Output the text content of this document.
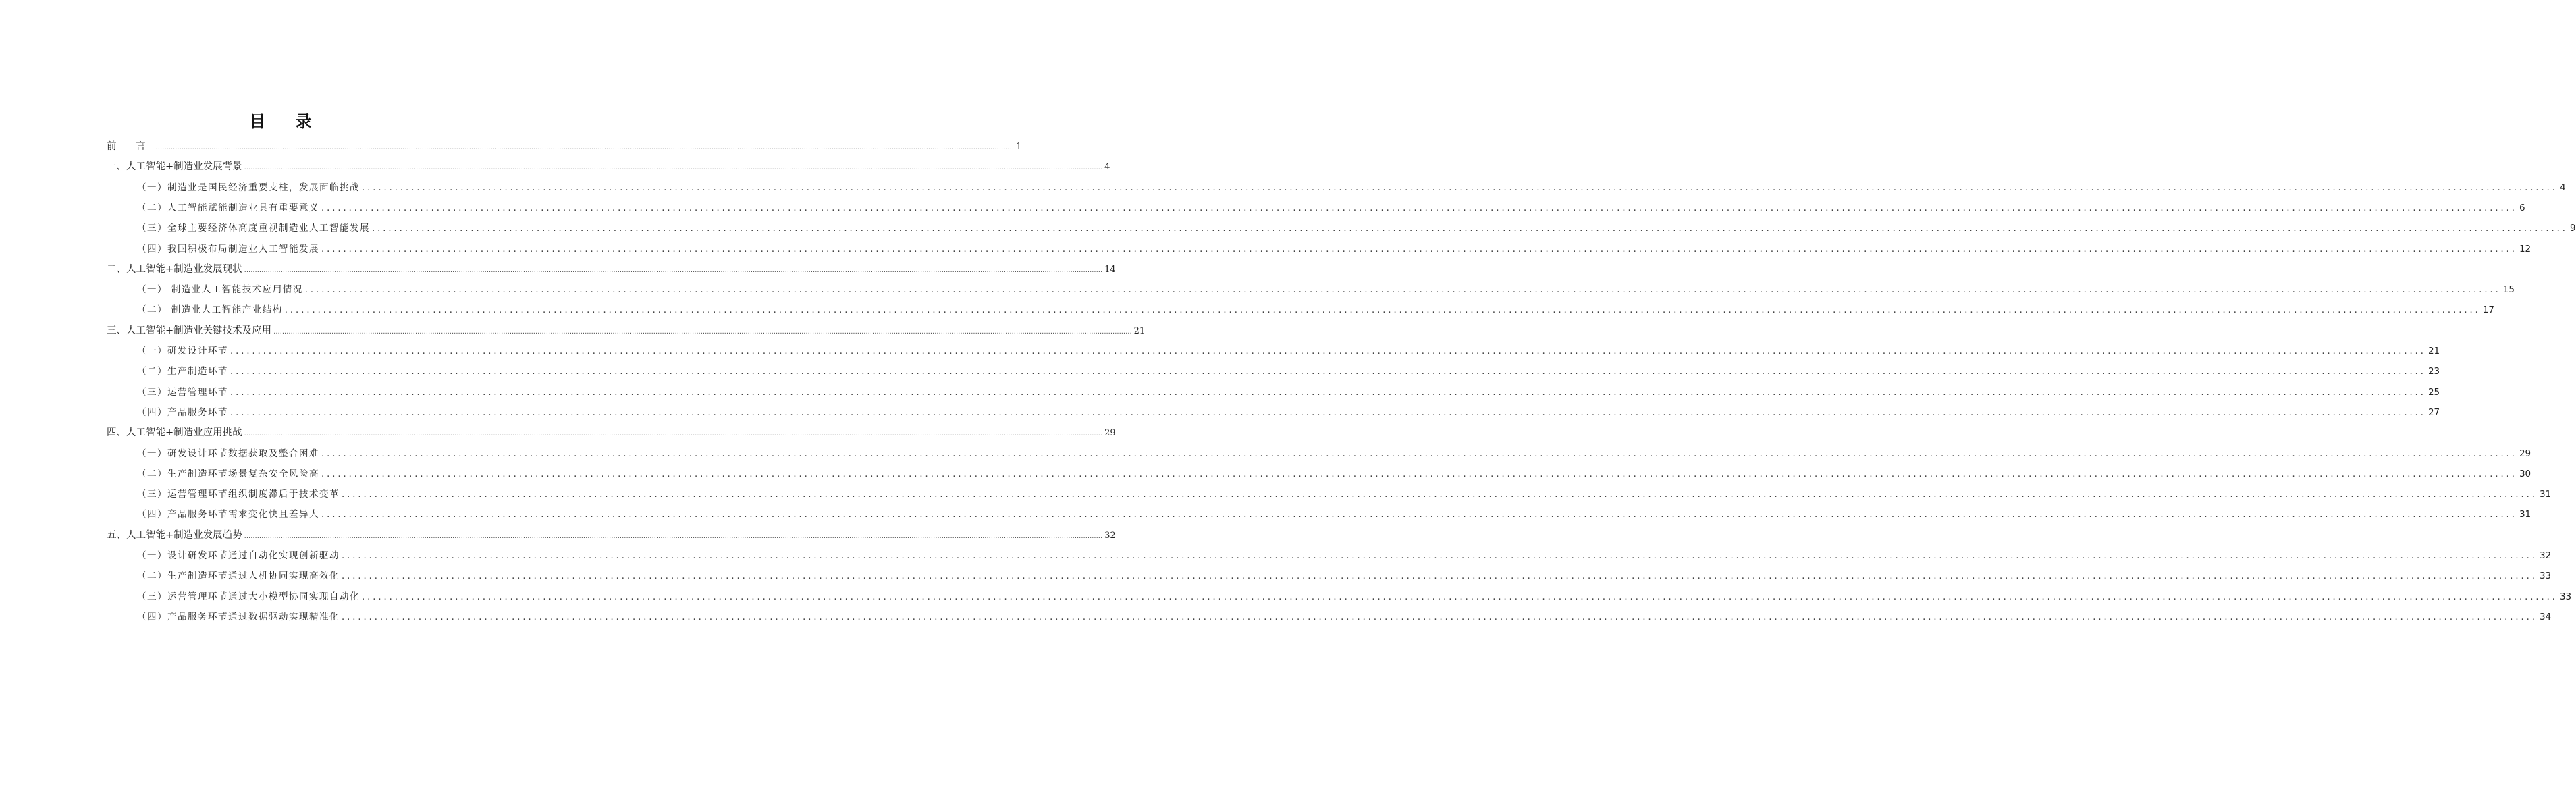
目 录
前 言 ................................................................................................................................................................................................................................................................................................................................................................................................................ 1
一、人工智能+制造业发展背景 ................................................................................................................................................................................................................................................................................................................................................................................................................ 4
（一）制造业是国民经济重要支柱，发展面临挑战 ................................................................................................................................................................................................................................................................................................................................................................................................................ 4
（二）人工智能赋能制造业具有重要意义 ................................................................................................................................................................................................................................................................................................................................................................................................................ 6
（三）全球主要经济体高度重视制造业人工智能发展 ................................................................................................................................................................................................................................................................................................................................................................................................................ 9
（四）我国积极布局制造业人工智能发展 ................................................................................................................................................................................................................................................................................................................................................................................................................ 12
二、人工智能+制造业发展现状 ................................................................................................................................................................................................................................................................................................................................................................................................................ 14
（一） 制造业人工智能技术应用情况 ................................................................................................................................................................................................................................................................................................................................................................................................................ 15
（二） 制造业人工智能产业结构 ................................................................................................................................................................................................................................................................................................................................................................................................................ 17
三、人工智能+制造业关键技术及应用 ................................................................................................................................................................................................................................................................................................................................................................................................................ 21
（一）研发设计环节 ................................................................................................................................................................................................................................................................................................................................................................................................................ 21
（二）生产制造环节 ................................................................................................................................................................................................................................................................................................................................................................................................................ 23
（三）运营管理环节 ................................................................................................................................................................................................................................................................................................................................................................................................................ 25
（四）产品服务环节 ................................................................................................................................................................................................................................................................................................................................................................................................................ 27
四、人工智能+制造业应用挑战 ................................................................................................................................................................................................................................................................................................................................................................................................................ 29
（一）研发设计环节数据获取及整合困难 ................................................................................................................................................................................................................................................................................................................................................................................................................ 29
（二）生产制造环节场景复杂安全风险高 ................................................................................................................................................................................................................................................................................................................................................................................................................ 30
（三）运营管理环节组织制度滞后于技术变革 ................................................................................................................................................................................................................................................................................................................................................................................................................ 31
（四）产品服务环节需求变化快且差异大 ................................................................................................................................................................................................................................................................................................................................................................................................................ 31
五、人工智能+制造业发展趋势 ................................................................................................................................................................................................................................................................................................................................................................................................................ 32
（一）设计研发环节通过自动化实现创新驱动 ................................................................................................................................................................................................................................................................................................................................................................................................................ 32
（二）生产制造环节通过人机协同实现高效化 ................................................................................................................................................................................................................................................................................................................................................................................................................ 33
（三）运营管理环节通过大小模型协同实现自动化 ................................................................................................................................................................................................................................................................................................................................................................................................................ 33
（四）产品服务环节通过数据驱动实现精准化 ................................................................................................................................................................................................................................................................................................................................................................................................................ 34
